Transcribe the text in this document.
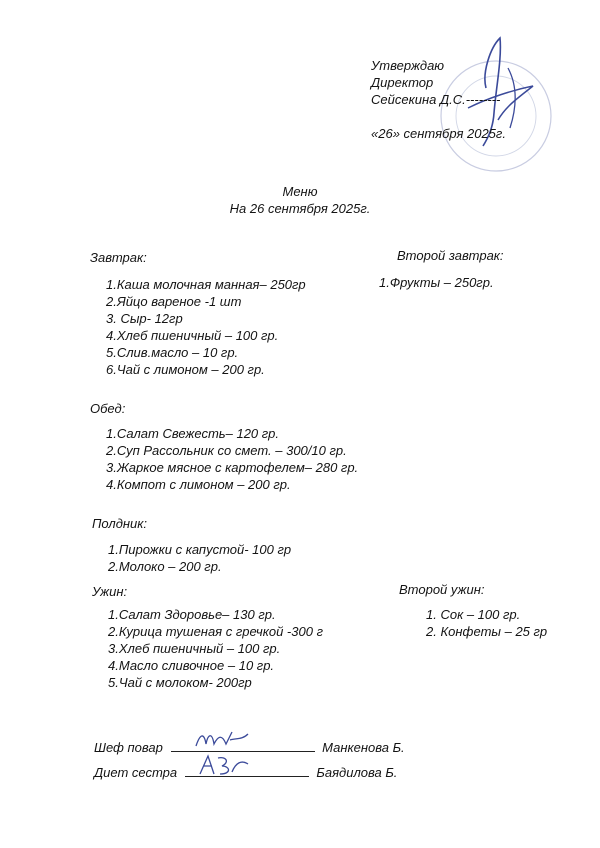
Утверждаю
Директор
Сейсекина Д.С.--------
«26» сентября 2025г.
Меню
На 26 сентября 2025г.
Завтрак:
1.Каша молочная манная– 250гр
2.Яйцо вареное -1 шт
3. Сыр- 12гр
4.Хлеб пшеничный – 100 гр.
5.Слив.масло – 10 гр.
6.Чай с лимоном – 200 гр.
Второй завтрак:
1.Фрукты – 250гр.
Обед:
1.Салат Свежесть– 120 гр.
2.Суп Рассольник со смет. – 300/10 гр.
3.Жаркое мясное с картофелем– 280 гр.
4.Компот с лимоном – 200 гр.
Полдник:
1.Пирожки с капустой- 100 гр
2.Молоко – 200 гр.
Ужин:
1.Салат Здоровье– 130 гр.
2.Курица тушеная с гречкой -300 г
3.Хлеб пшеничный – 100 гр.
4.Масло сливочное – 10 гр.
5.Чай с молоком- 200гр
Второй ужин:
1. Сок – 100 гр.
2. Конфеты – 25 гр
Шеф повар	Манкенова Б.
Диет сестра	Баядилова Б.
